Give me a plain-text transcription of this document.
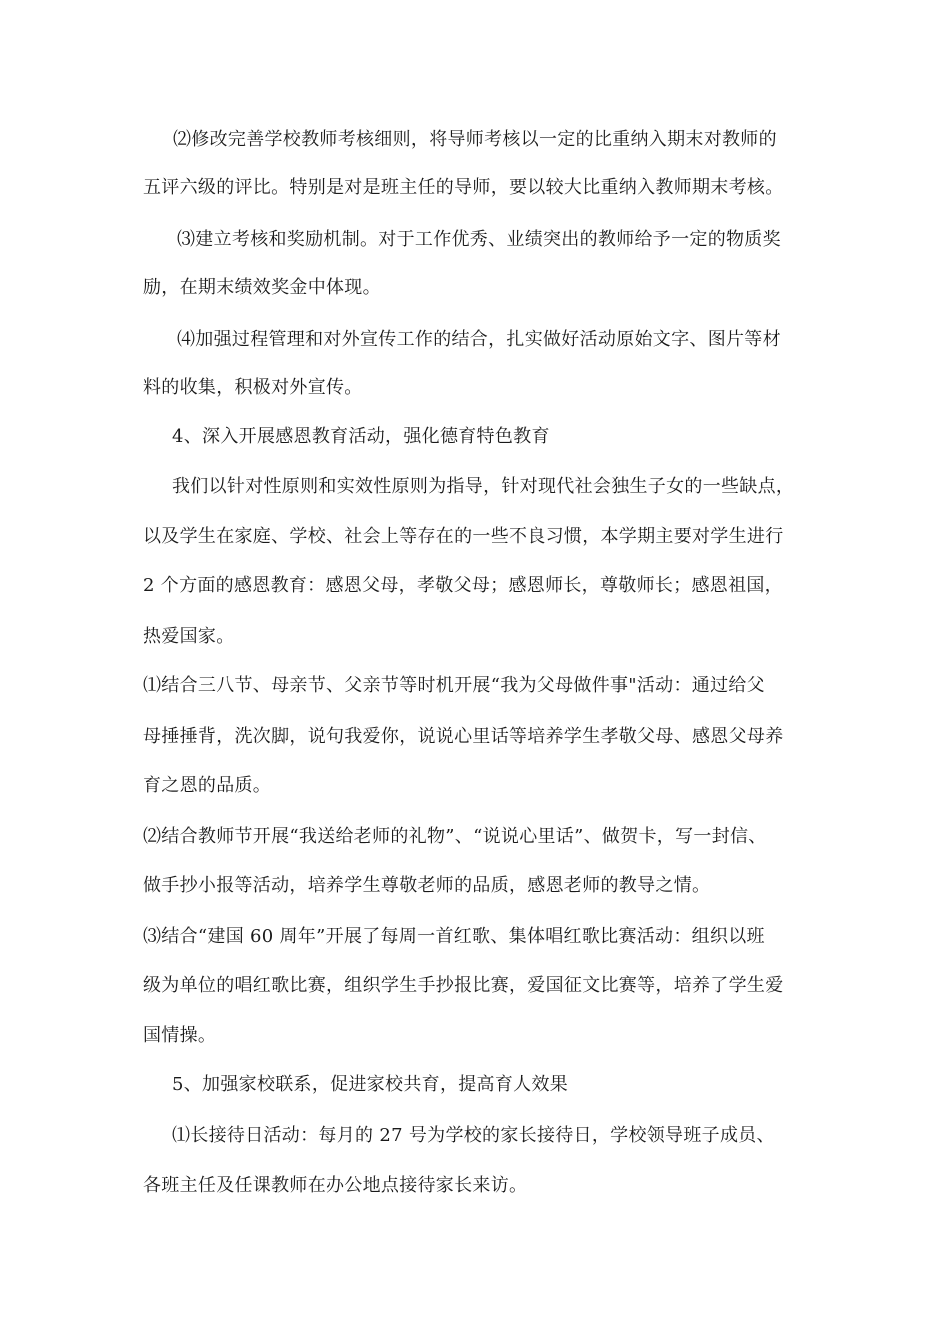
⑵修改完善学校教师考核细则，将导师考核以一定的比重纳入期末对教师的
五评六级的评比。特别是对是班主任的导师，要以较大比重纳入教师期末考核。
⑶建立考核和奖励机制。对于工作优秀、业绩突出的教师给予一定的物质奖
励，在期末绩效奖金中体现。
⑷加强过程管理和对外宣传工作的结合，扎实做好活动原始文字、图片等材
料的收集，积极对外宣传。
4、深入开展感恩教育活动，强化德育特色教育
我们以针对性原则和实效性原则为指导，针对现代社会独生子女的一些缺点，
以及学生在家庭、学校、社会上等存在的一些不良习惯，本学期主要对学生进行
2 个方面的感恩教育：感恩父母，孝敬父母；感恩师长，尊敬师长；感恩祖国，
热爱国家。
⑴结合三八节、母亲节、父亲节等时机开展“我为父母做件事"活动：通过给父
母捶捶背，洗次脚，说句我爱你，说说心里话等培养学生孝敬父母、感恩父母养
育之恩的品质。
⑵结合教师节开展“我送给老师的礼物”、“说说心里话”、做贺卡，写一封信、
做手抄小报等活动，培养学生尊敬老师的品质，感恩老师的教导之情。
⑶结合“建国 60 周年”开展了每周一首红歌、集体唱红歌比赛活动：组织以班
级为单位的唱红歌比赛，组织学生手抄报比赛，爱国征文比赛等，培养了学生爱
国情操。
5、加强家校联系，促进家校共育，提高育人效果
⑴长接待日活动：每月的 27 号为学校的家长接待日，学校领导班子成员、
各班主任及任课教师在办公地点接待家长来访。
